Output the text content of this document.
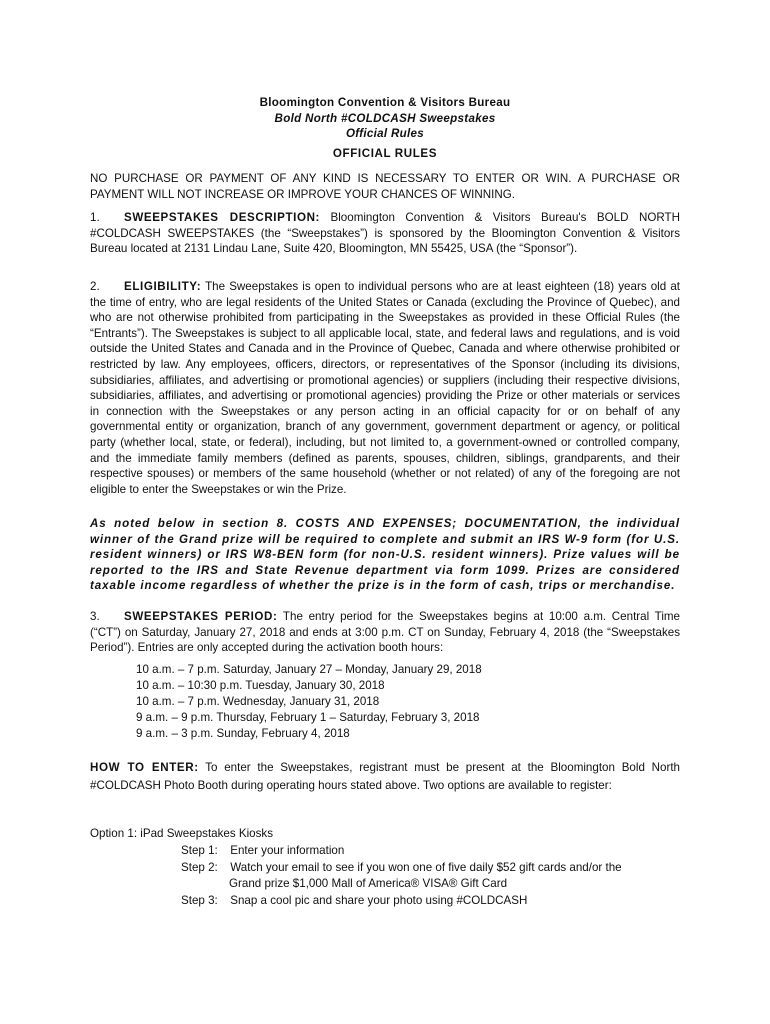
Bloomington Convention & Visitors Bureau
Bold North #COLDCASH Sweepstakes
Official Rules
OFFICIAL RULES

NO PURCHASE OR PAYMENT OF ANY KIND IS NECESSARY TO ENTER OR WIN. A PURCHASE OR PAYMENT WILL NOT INCREASE OR IMPROVE YOUR CHANCES OF WINNING.

1. SWEEPSTAKES DESCRIPTION: Bloomington Convention & Visitors Bureau's BOLD NORTH #COLDCASH SWEEPSTAKES (the “Sweepstakes”) is sponsored by the Bloomington Convention & Visitors Bureau located at 2131 Lindau Lane, Suite 420, Bloomington, MN 55425, USA (the “Sponsor”).

2. ELIGIBILITY: The Sweepstakes is open to individual persons who are at least eighteen (18) years old at the time of entry, who are legal residents of the United States or Canada (excluding the Province of Quebec), and who are not otherwise prohibited from participating in the Sweepstakes as provided in these Official Rules (the “Entrants”). The Sweepstakes is subject to all applicable local, state, and federal laws and regulations, and is void outside the United States and Canada and in the Province of Quebec, Canada and where otherwise prohibited or restricted by law. Any employees, officers, directors, or representatives of the Sponsor (including its divisions, subsidiaries, affiliates, and advertising or promotional agencies) or suppliers (including their respective divisions, subsidiaries, affiliates, and advertising or promotional agencies) providing the Prize or other materials or services in connection with the Sweepstakes or any person acting in an official capacity for or on behalf of any governmental entity or organization, branch of any government, government department or agency, or political party (whether local, state, or federal), including, but not limited to, a government-owned or controlled company, and the immediate family members (defined as parents, spouses, children, siblings, grandparents, and their respective spouses) or members of the same household (whether or not related) of any of the foregoing are not eligible to enter the Sweepstakes or win the Prize.

As noted below in section 8. COSTS AND EXPENSES; DOCUMENTATION, the individual winner of the Grand prize will be required to complete and submit an IRS W-9 form (for U.S. resident winners) or IRS W8-BEN form (for non-U.S. resident winners). Prize values will be reported to the IRS and State Revenue department via form 1099. Prizes are considered taxable income regardless of whether the prize is in the form of cash, trips or merchandise.

3. SWEEPSTAKES PERIOD: The entry period for the Sweepstakes begins at 10:00 a.m. Central Time (“CT”) on Saturday, January 27, 2018 and ends at 3:00 p.m. CT on Sunday, February 4, 2018 (the “Sweepstakes Period”). Entries are only accepted during the activation booth hours:

10 a.m. – 7 p.m. Saturday, January 27 – Monday, January 29, 2018
10 a.m. – 10:30 p.m. Tuesday, January 30, 2018
10 a.m. – 7 p.m. Wednesday, January 31, 2018
9 a.m. – 9 p.m. Thursday, February 1 – Saturday, February 3, 2018
9 a.m. – 3 p.m. Sunday, February 4, 2018

HOW TO ENTER: To enter the Sweepstakes, registrant must be present at the Bloomington Bold North #COLDCASH Photo Booth during operating hours stated above. Two options are available to register:

Option 1: iPad Sweepstakes Kiosks
Step 1: Enter your information
Step 2: Watch your email to see if you won one of five daily $52 gift cards and/or the
Grand prize $1,000 Mall of America® VISA® Gift Card
Step 3: Snap a cool pic and share your photo using #COLDCASH
